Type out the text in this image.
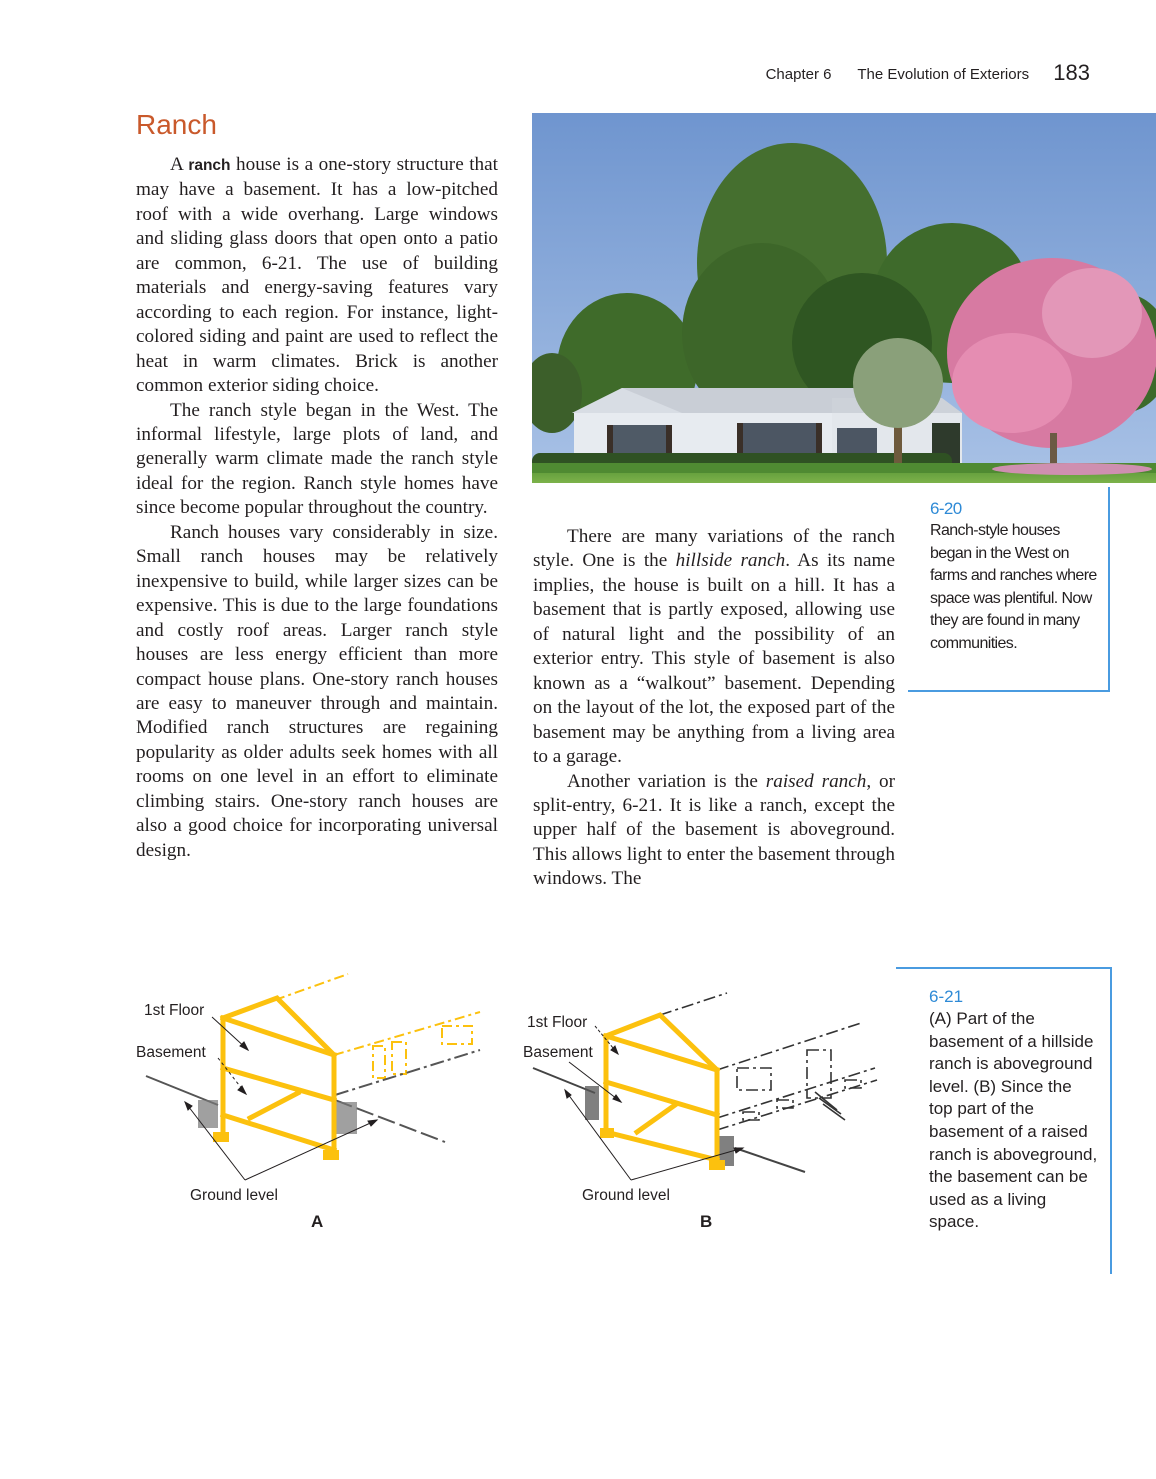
Chapter 6 The Evolution of Exteriors 183
Ranch

A ranch house is a one-story structure that may have a basement. It has a low-pitched roof with a wide overhang. Large windows and sliding glass doors that open onto a patio are common, 6-21. The use of building materials and energy-saving features vary according to each region. For instance, light-colored siding and paint are used to reflect the heat in warm climates. Brick is another common exterior siding choice.

The ranch style began in the West. The informal lifestyle, large plots of land, and generally warm climate made the ranch style ideal for the region. Ranch style homes have since become popular throughout the country.

Ranch houses vary considerably in size. Small ranch houses may be relatively inexpensive to build, while larger sizes can be expensive. This is due to the large foundations and costly roof areas. Larger ranch style houses are less energy efficient than more compact house plans. One-story ranch houses are easy to maneuver through and maintain. Modified ranch structures are regaining popularity as older adults seek homes with all rooms on one level in an effort to eliminate climbing stairs. One-story ranch houses are also a good choice for incorporating universal design.

6-20
Ranch-style houses began in the West on farms and ranches where space was plentiful. Now they are found in many communities.

There are many variations of the ranch style. One is the hillside ranch. As its name implies, the house is built on a hill. It has a basement that is partly exposed, allowing use of natural light and the possibility of an exterior entry. This style of basement is also known as a “walkout” basement. Depending on the layout of the lot, the exposed part of the basement may be anything from a living area to a garage.

Another variation is the raised ranch, or split-entry, 6-21. It is like a ranch, except the upper half of the basement is aboveground. This allows light to enter the basement through windows. The

1st Floor
Basement
Ground level
A
1st Floor
Basement
Ground level
B
6-21
(A) Part of the basement of a hillside ranch is aboveground level. (B) Since the top part of the basement of a raised ranch is aboveground, the basement can be used as a living space.
